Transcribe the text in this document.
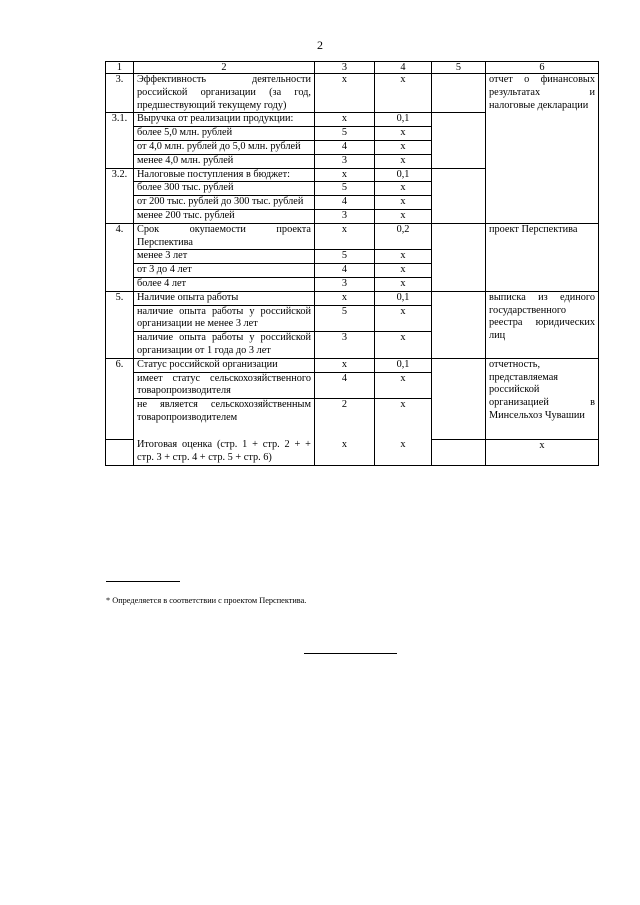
2
1	2	3	4	5	6
3.	Эффективность деятельности российской организации (за год, предшествующий текущему году)	x	x		отчет о финансовых результатах и налоговые декларации
3.1.	Выручка от реализации продукции:	x	0,1		
	более 5,0 млн. рублей	5	x		
	от 4,0 млн. рублей до 5,0 млн. рублей	4	x		
	менее 4,0 млн. рублей	3	x		
3.2.	Налоговые поступления в бюджет:	x	0,1		
	более 300 тыс. рублей	5	x		
	от 200 тыс. рублей до 300 тыс. рублей	4	x		
	менее 200 тыс. рублей	3	x		
4.	Срок окупаемости проекта Перспектива	x	0,2		проект Перспектива
	менее 3 лет	5	x		
	от 3 до 4 лет	4	x		
	более 4 лет	3	x		
5.	Наличие опыта работы	x	0,1		выписка из единого государственного реестра юридических лиц
	наличие опыта работы у российской организации не менее 3 лет	5	x		
	наличие опыта работы у российской организации от 1 года до 3 лет	3	x		
6.	Статус российской организации	x	0,1		отчетность, представляемая российской организацией в Минсельхоз Чувашии
	имеет статус сельскохозяйственного товаропроизводителя	4	x		
	не является сельскохозяйственным товаропроизводителем	2	x		
	Итоговая оценка (стр. 1 + стр. 2 + + стр. 3 + стр. 4 + стр. 5 + стр. 6)	x	x		x
* Определяется в соответствии с проектом Перспектива.
